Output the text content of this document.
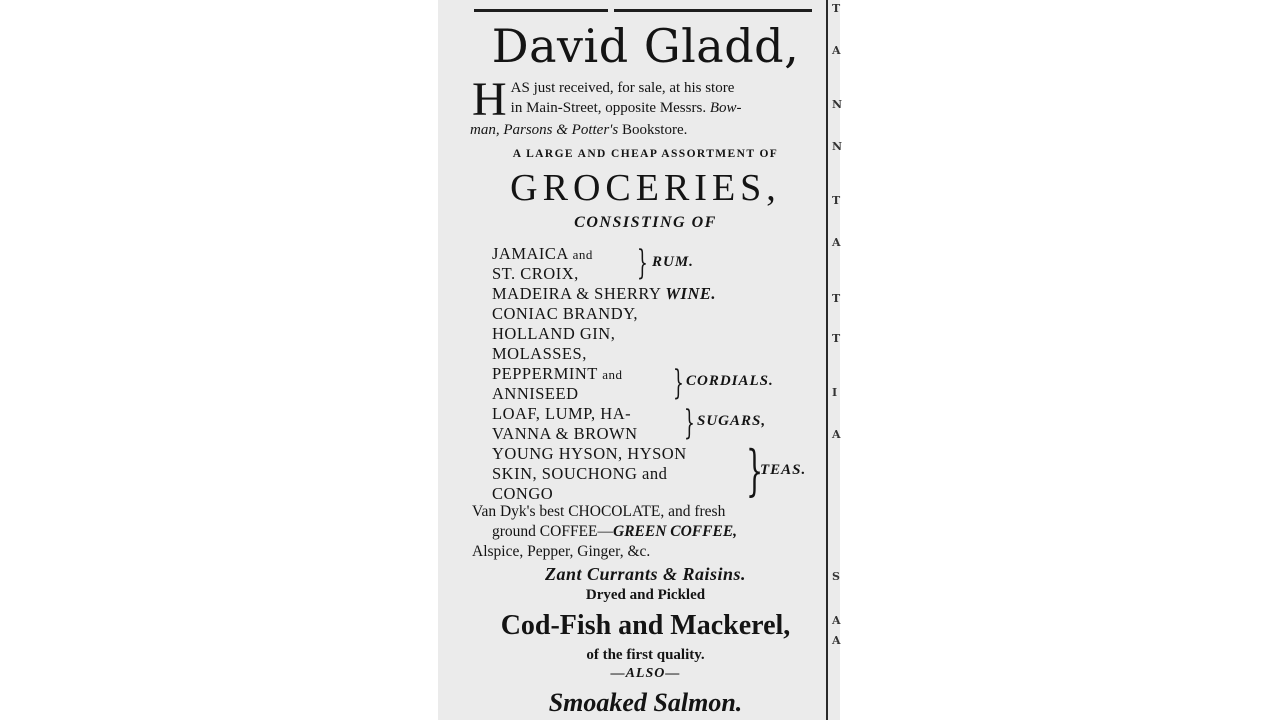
T
A
N
N
T
A
T
T
I
A
S
A
A
David Gladd,
H AS just received, for sale, at his store
in Main-Street, opposite Messrs. Bow-
man, Parsons & Potter's Bookstore.
A LARGE AND CHEAP ASSORTMENT OF
GROCERIES,
CONSISTING OF
JAMAICA and
ST. CROIX, } RUM.
MADEIRA & SHERRY WINE.
CONIAC BRANDY,
HOLLAND GIN,
MOLASSES,
PEPPERMINT and
ANNISEED	} CORDIALS.
LOAF, LUMP, HA-
VANNA & BROWN } SUGARS,
YOUNG HYSON, HYSON
SKIN, SOUCHONG and
CONGO	}
TEAS.
Van Dyk's best CHOCOLATE, and fresh
ground COFFEE—GREEN COFFEE,
Alspice, Pepper, Ginger, &c.
Zant Currants & Raisins.
Dryed and Pickled
Cod-Fish and Mackerel,
of the first quality.
—ALSO—
Smoaked Salmon.
